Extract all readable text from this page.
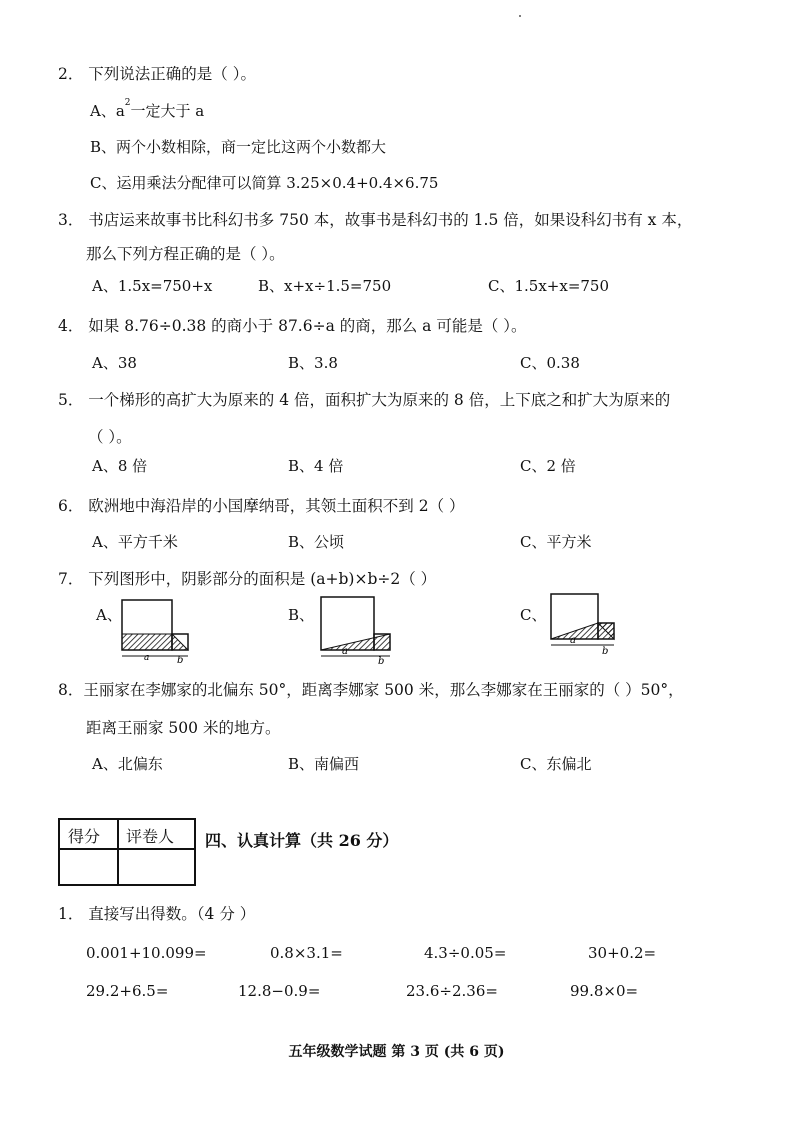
2． 下列说法正确的是（ ）。
A、$a^2$一定大于 a
B、两个小数相除，商一定比这两个小数都大
C、运用乘法分配律可以简算 3.25×0.4+0.4×6.75
3． 书店运来故事书比科幻书多 750 本，故事书是科幻书的 1.5 倍，如果设科幻书有 x 本，
那么下列方程正确的是（ ）。
A、1.5x=750+x	B、x+x÷1.5=750	C、1.5x+x=750
4． 如果 8.76÷0.38 的商小于 87.6÷a 的商，那么 a 可能是（ ）。
A、38	B、3.8	C、0.38
5． 一个梯形的高扩大为原来的 4 倍，面积扩大为原来的 8 倍，上下底之和扩大为原来的
（ ）。
A、8 倍	B、4 倍	C、2 倍
6． 欧洲地中海沿岸的小国摩纳哥，其领土面积不到 2（ ）
A、平方千米	B、公顷	C、平方米
7． 下列图形中，阴影部分的面积是 (a+b)×b÷2（ ）
A、	B、	C、
a	b
a
b
a
b
8．王丽家在李娜家的北偏东 50°，距离李娜家 500 米，那么李娜家在王丽家的（ ）50°，
距离王丽家 500 米的地方。
A、北偏东	B、南偏西	C、东偏北
得分 评卷人 四、认真计算（共 26 分）
1． 直接写出得数。（4 分 ）
0.001+10.099=	0.8×3.1=	4.3÷0.05=	30+0.2=
29.2+6.5=	12.8−0.9=	23.6÷2.36=	99.8×0=
五年级数学试题 第 3 页 (共 6 页)
